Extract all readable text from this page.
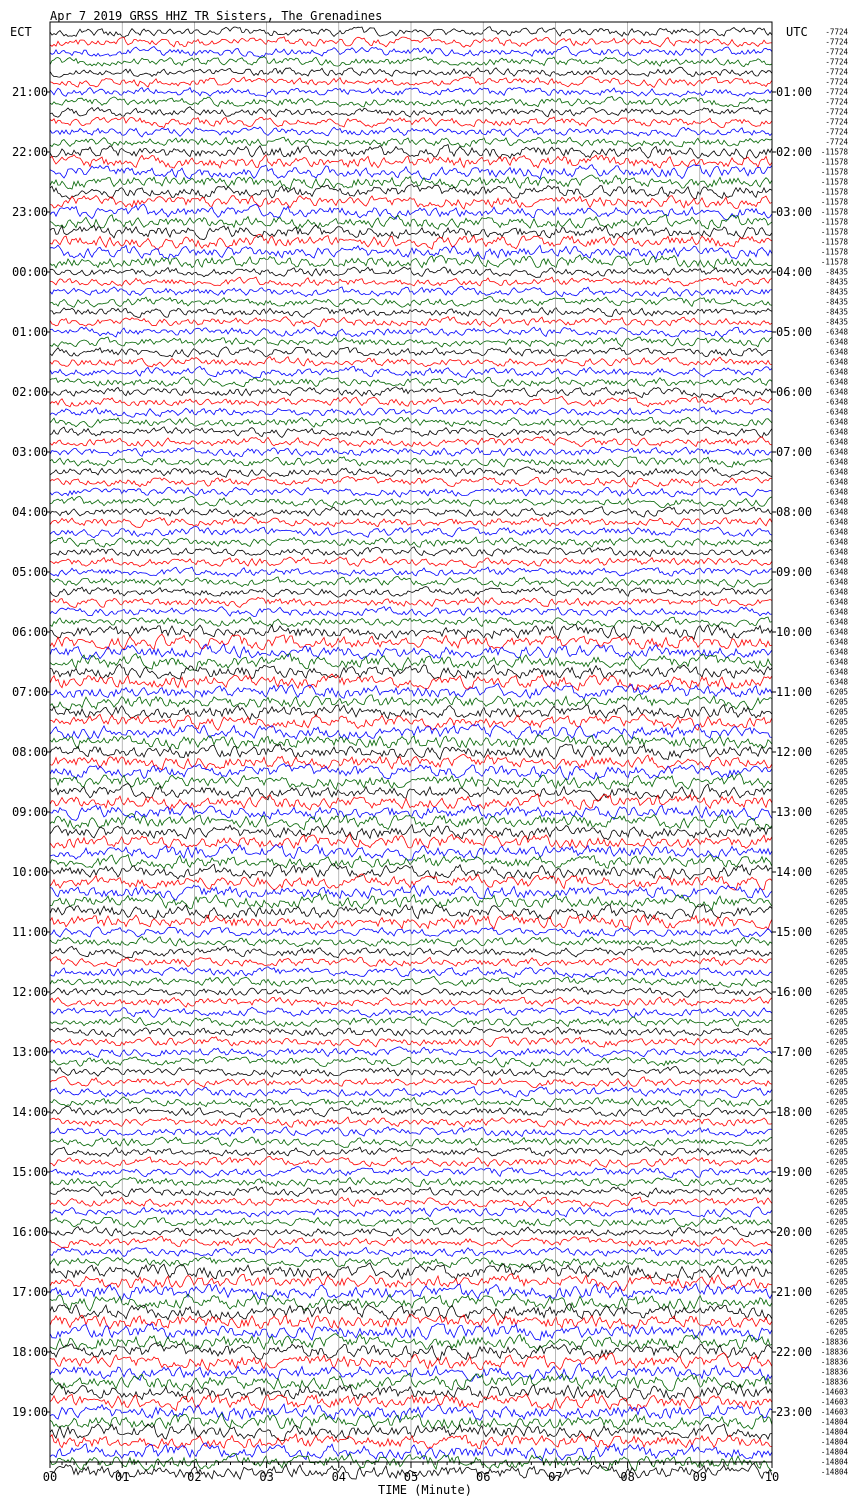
00	01	02	03	04	05	06	07	08	09	10
21:00
22:00
23:00
00:00
01:00
02:00
03:00
04:00
05:00
06:00
07:00
08:00
09:00
10:00
11:00
12:00
13:00
14:00
15:00
16:00
17:00
18:00
19:00
01:00
02:00
03:00
04:00
05:00
06:00
07:00
08:00
09:00
10:00
11:00
12:00
13:00
14:00
15:00
16:00
17:00
18:00
19:00
20:00
21:00
22:00
23:00
-7724
-7724
-7724
-7724
-7724
-7724
-7724
-7724
-7724
-7724
-7724
-7724
-11578
-11578
-11578
-11578
-11578
-11578
-11578
-11578
-11578
-11578
-11578
-11578
-8435
-8435
-8435
-8435
-8435
-8435
-6348
-6348
-6348
-6348
-6348
-6348
-6348
-6348
-6348
-6348
-6348
-6348
-6348
-6348
-6348
-6348
-6348
-6348
-6348
-6348
-6348
-6348
-6348
-6348
-6348
-6348
-6348
-6348
-6348
-6348
-6348
-6348
-6348
-6348
-6348
-6348
-6205
-6205
-6205
-6205
-6205
-6205
-6205
-6205
-6205
-6205
-6205
-6205
-6205
-6205
-6205
-6205
-6205
-6205
-6205
-6205
-6205
-6205
-6205
-6205
-6205
-6205
-6205
-6205
-6205
-6205
-6205
-6205
-6205
-6205
-6205
-6205
-6205
-6205
-6205
-6205
-6205
-6205
-6205
-6205
-6205
-6205
-6205
-6205
-6205
-6205
-6205
-6205
-6205
-6205
-6205
-6205
-6205
-6205
-6205
-6205
-6205
-6205
-6205
-6205
-6205
-18836
-18836
-18836
-18836
-18836
-14603
-14603
-14603
-14804
-14804
-14804
-14804
-14804
-14804
Apr 7 2019 GRSS HHZ TR Sisters, The Grenadines
ECT	UTC
TIME (Minute)
